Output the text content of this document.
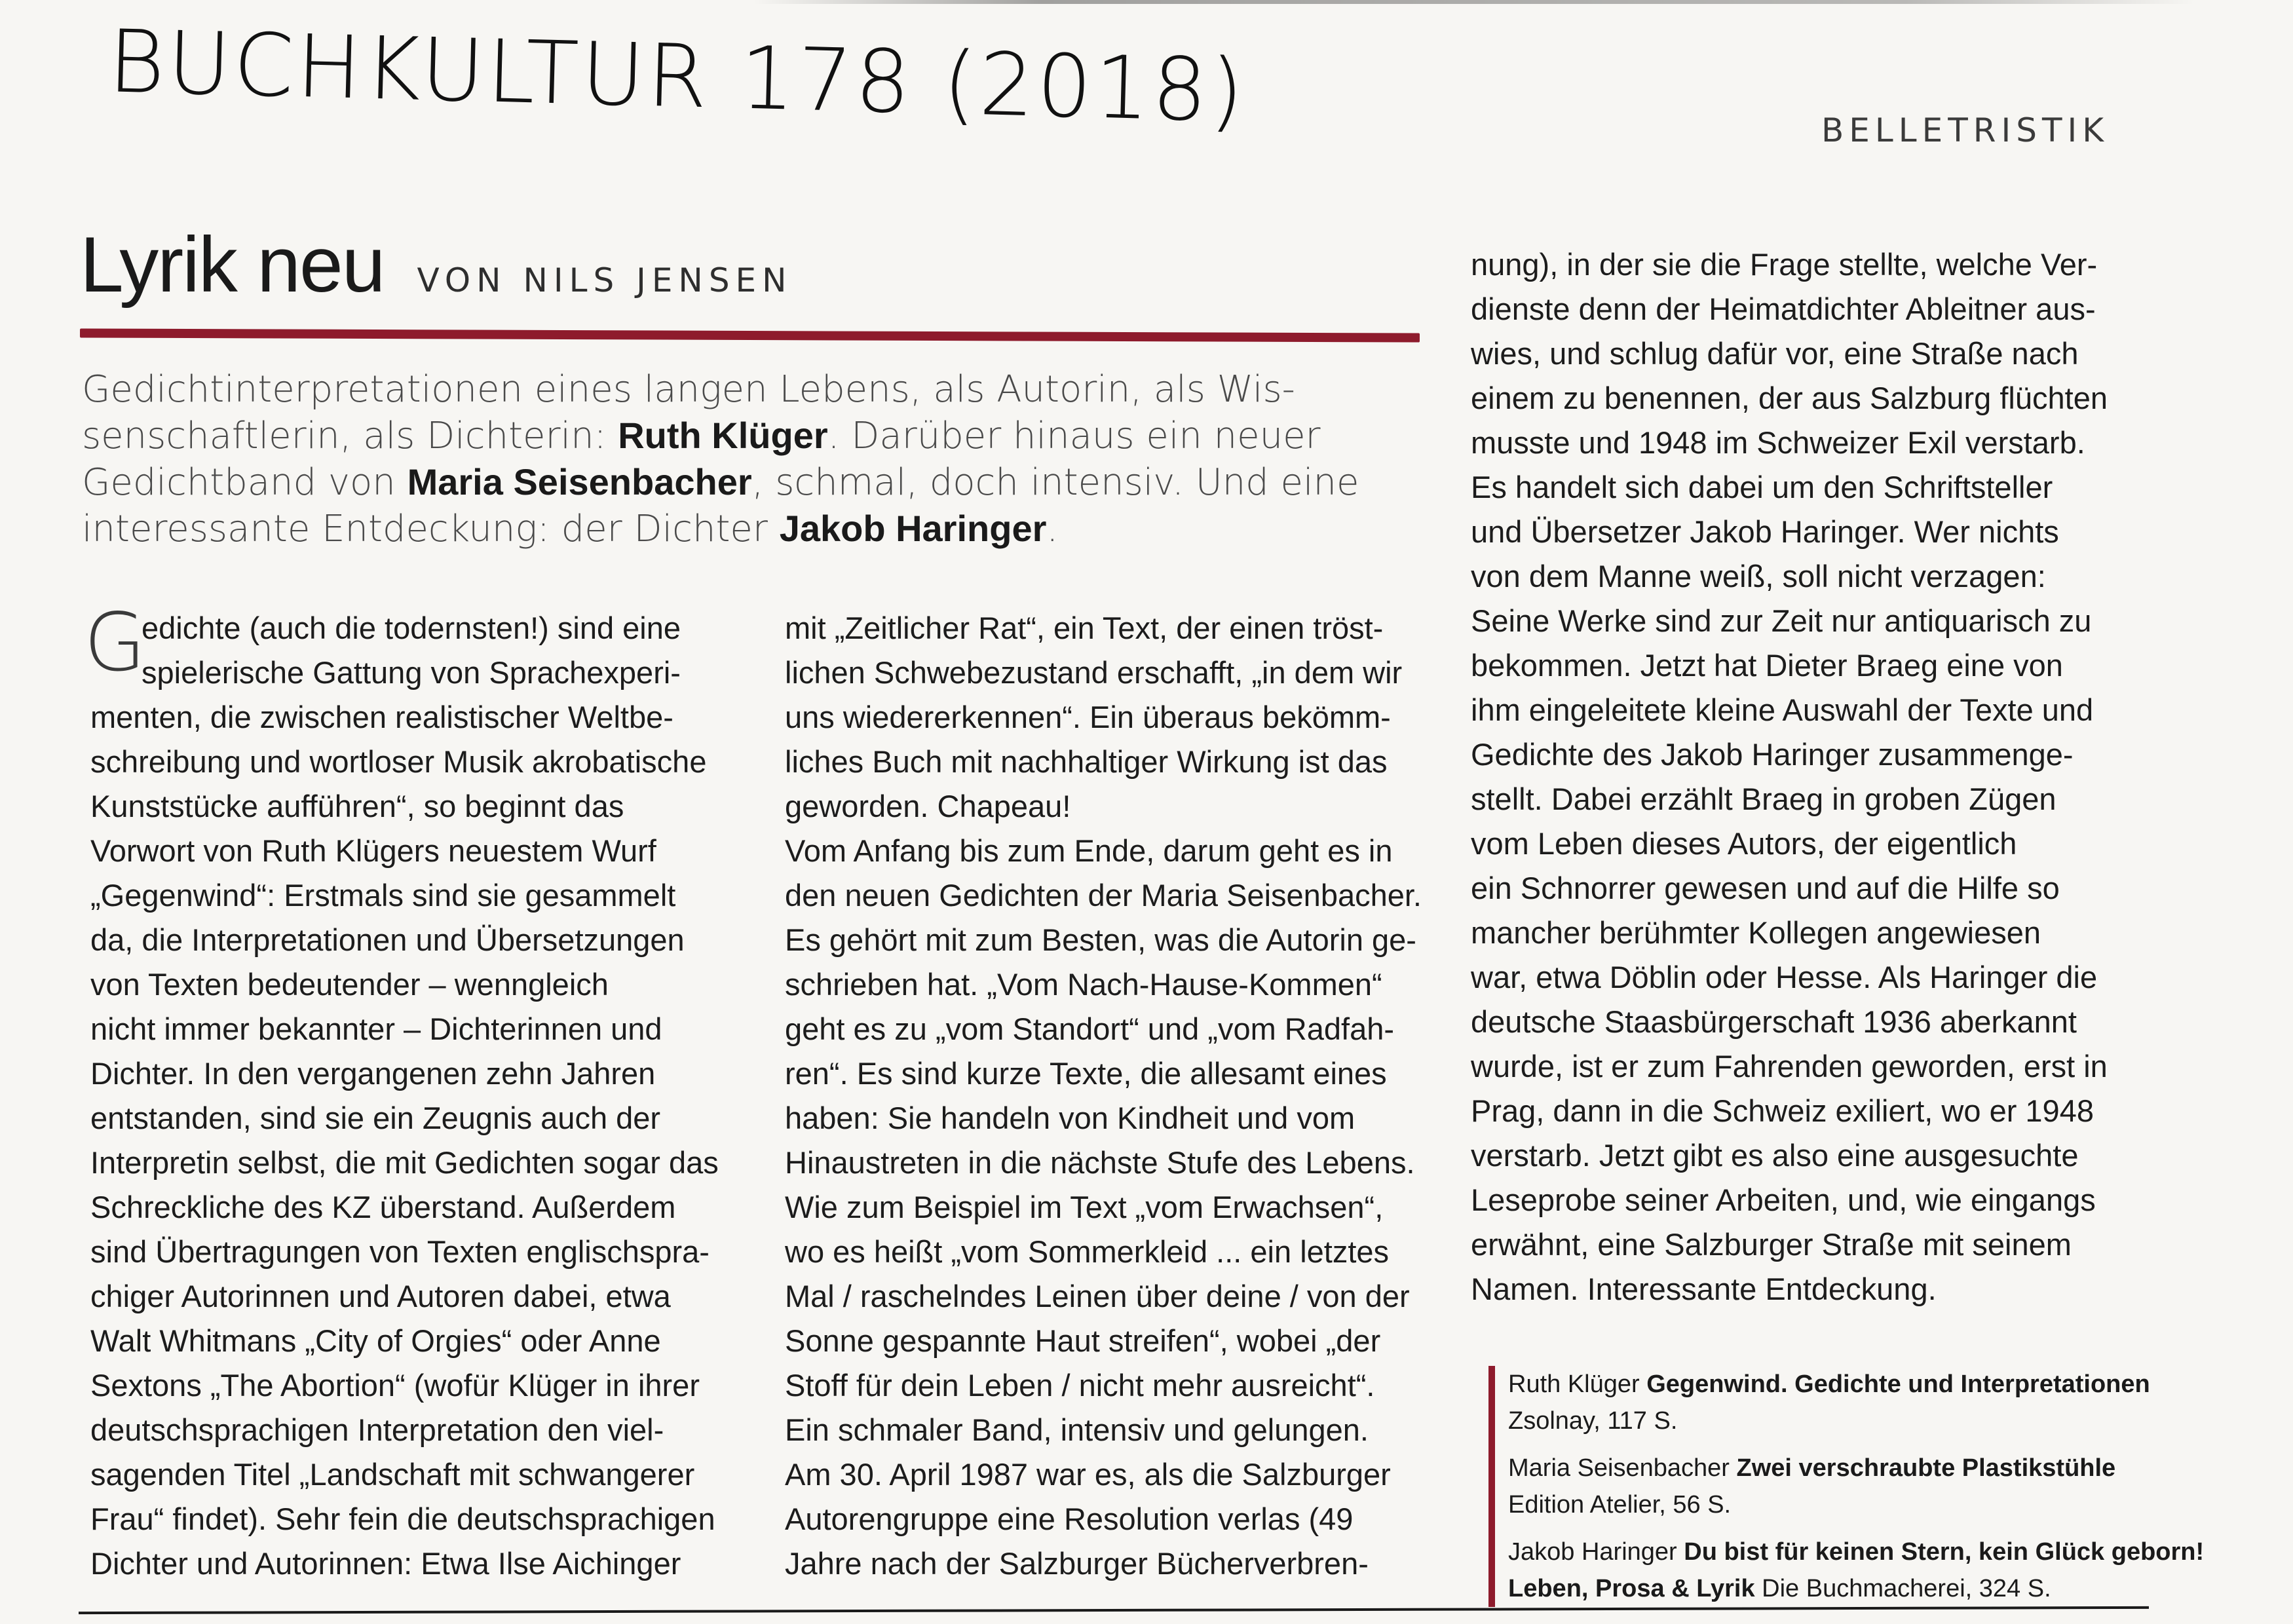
BUCHKULTUR 178 (2018)	BELLETRISTIK
Lyrik neu VON NILS JENSEN
Gedichtinterpretationen eines langen Lebens, als Autorin, als Wis-
senschaftlerin, als Dichterin: Ruth Klüger. Darüber hinaus ein neuer
Gedichtband von Maria Seisenbacher, schmal, doch intensiv. Und eine
interessante Entdeckung: der Dichter Jakob Haringer.
G
edichte (auch die todernsten!) sind eine
spielerische Gattung von Sprachexperi-
menten, die zwischen realistischer Weltbe-
schreibung und wortloser Musik akrobatische
Kunststücke aufführen“, so beginnt das
Vorwort von Ruth Klügers neuestem Wurf
„Gegenwind“: Erstmals sind sie gesammelt
da, die Interpretationen und Übersetzungen
von Texten bedeutender – wenngleich
nicht immer bekannter – Dichterinnen und
Dichter. In den vergangenen zehn Jahren
entstanden, sind sie ein Zeugnis auch der
Interpretin selbst, die mit Gedichten sogar das
Schreckliche des KZ überstand. Außerdem
sind Übertragungen von Texten englischspra-
chiger Autorinnen und Autoren dabei, etwa
Walt Whitmans „City of Orgies“ oder Anne
Sextons „The Abortion“ (wofür Klüger in ihrer
deutschsprachigen Interpretation den viel-
sagenden Titel „Landschaft mit schwangerer
Frau“ findet). Sehr fein die deutschsprachigen
Dichter und Autorinnen: Etwa Ilse Aichinger
mit „Zeitlicher Rat“, ein Text, der einen tröst-
lichen Schwebezustand erschafft, „in dem wir
uns wiedererkennen“. Ein überaus bekömm-
liches Buch mit nachhaltiger Wirkung ist das
geworden. Chapeau!
Vom Anfang bis zum Ende, darum geht es in
den neuen Gedichten der Maria Seisenbacher.
Es gehört mit zum Besten, was die Autorin ge-
schrieben hat. „Vom Nach-Hause-Kommen“
geht es zu „vom Standort“ und „vom Radfah-
ren“. Es sind kurze Texte, die allesamt eines
haben: Sie handeln von Kindheit und vom
Hinaustreten in die nächste Stufe des Lebens.
Wie zum Beispiel im Text „vom Erwachsen“,
wo es heißt „vom Sommerkleid ... ein letztes
Mal / raschelndes Leinen über deine / von der
Sonne gespannte Haut streifen“, wobei „der
Stoff für dein Leben / nicht mehr ausreicht“.
Ein schmaler Band, intensiv und gelungen.
Am 30. April 1987 war es, als die Salzburger
Autorengruppe eine Resolution verlas (49
Jahre nach der Salzburger Bücherverbren-
nung), in der sie die Frage stellte, welche Ver-
dienste denn der Heimatdichter Ableitner aus-
wies, und schlug dafür vor, eine Straße nach
einem zu benennen, der aus Salzburg flüchten
musste und 1948 im Schweizer Exil verstarb.
Es handelt sich dabei um den Schriftsteller
und Übersetzer Jakob Haringer. Wer nichts
von dem Manne weiß, soll nicht verzagen:
Seine Werke sind zur Zeit nur antiquarisch zu
bekommen. Jetzt hat Dieter Braeg eine von
ihm eingeleitete kleine Auswahl der Texte und
Gedichte des Jakob Haringer zusammenge-
stellt. Dabei erzählt Braeg in groben Zügen
vom Leben dieses Autors, der eigentlich
ein Schnorrer gewesen und auf die Hilfe so
mancher berühmter Kollegen angewiesen
war, etwa Döblin oder Hesse. Als Haringer die
deutsche Staasbürgerschaft 1936 aberkannt
wurde, ist er zum Fahrenden geworden, erst in
Prag, dann in die Schweiz exiliert, wo er 1948
verstarb. Jetzt gibt es also eine ausgesuchte
Leseprobe seiner Arbeiten, und, wie eingangs
erwähnt, eine Salzburger Straße mit seinem
Namen. Interessante Entdeckung.
Ruth Klüger Gegenwind. Gedichte und Interpretationen
Zsolnay, 117 S.
Maria Seisenbacher Zwei verschraubte Plastikstühle
Edition Atelier, 56 S.
Jakob Haringer Du bist für keinen Stern, kein Glück geborn!
Leben, Prosa & Lyrik Die Buchmacherei, 324 S.
